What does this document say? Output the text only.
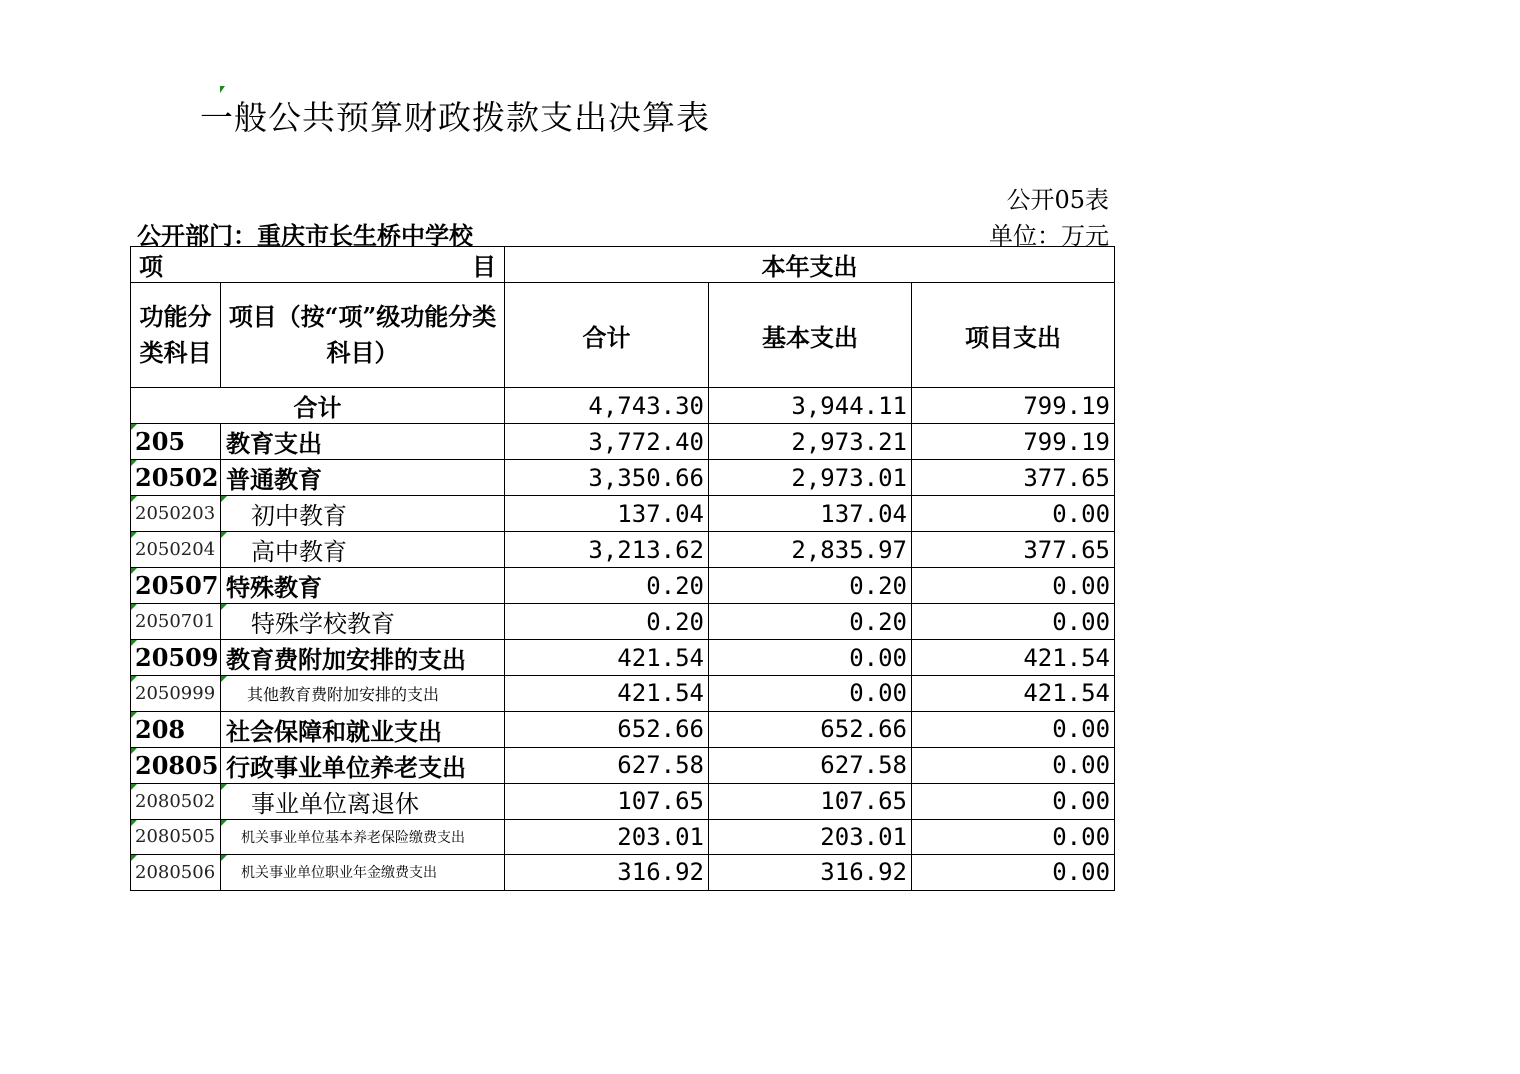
一般公共预算财政拨款支出决算表
公开05表
公开部门：重庆市长生桥中学校	单位：万元
项 目		本年支出		
功能分类科目	项目（按“项”级功能分类科目）	合计	基本支出	项目支出
合计		4,743.30	3,944.11	799.19
205	教育支出	3,772.40	2,973.21	799.19
20502	普通教育	3,350.66	2,973.01	377.65
2050203	初中教育	137.04	137.04	0.00
2050204	高中教育	3,213.62	2,835.97	377.65
20507	特殊教育	0.20	0.20	0.00
2050701	特殊学校教育	0.20	0.20	0.00
20509	教育费附加安排的支出	421.54	0.00	421.54
2050999	其他教育费附加安排的支出	421.54	0.00	421.54
208	社会保障和就业支出	652.66	652.66	0.00
20805	行政事业单位养老支出	627.58	627.58	0.00
2080502	事业单位离退休	107.65	107.65	0.00
2080505	机关事业单位基本养老保险缴费支出	203.01	203.01	0.00
2080506	机关事业单位职业年金缴费支出	316.92	316.92	0.00
